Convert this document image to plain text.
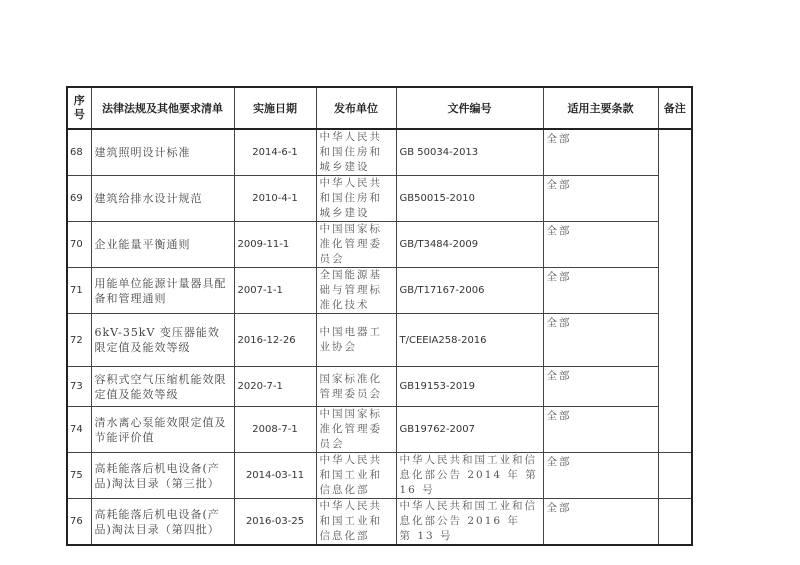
序号	法律法规及其他要求清单	实施日期	发布单位	文件编号	适用主要条款	备注
68	建筑照明设计标准	2014-6-1	中华人民共和国住房和城乡建设	GB 50034-2013	全部	
69	建筑给排水设计规范	2010-4-1	中华人民共和国住房和城乡建设	GB50015-2010	全部	
70	企业能量平衡通则	2009-11-1	中国国家标准化管理委员会	GB/T3484-2009	全部	
71	用能单位能源计量器具配备和管理通则	2007-1-1	全国能源基础与管理标准化技术	GB/T17167-2006	全部	
72	6kV-35kV 变压器能效限定值及能效等级	2016-12-26	中国电器工业协会	T/CEEIA258-2016	全部	
73	容积式空气压缩机能效限定值及能效等级	2020-7-1	国家标准化管理委员会	GB19153-2019	全部	
74	清水离心泵能效限定值及节能评价值	2008-7-1	中国国家标准化管理委员会	GB19762-2007	全部	
75	高耗能落后机电设备(产品)淘汰目录（第三批）	2014-03-11	中华人民共和国工业和信息化部	中华人民共和国工业和信息化部公告 2014 年 第 16 号	全部	
76	高耗能落后机电设备(产品)淘汰目录（第四批）	2016-03-25	中华人民共和国工业和信息化部	中华人民共和国工业和信息化部公告 2016 年　第 13 号	全部	
